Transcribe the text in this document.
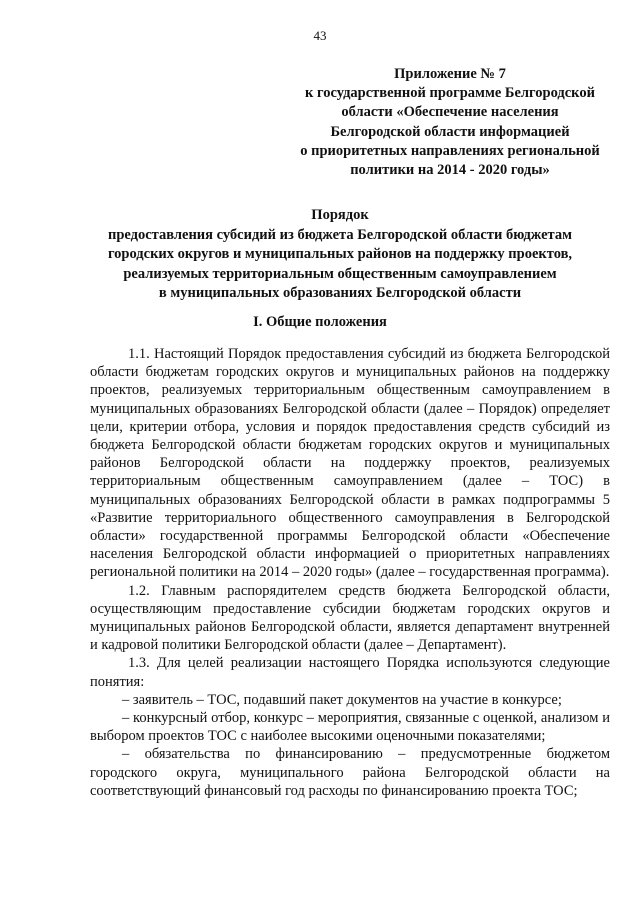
43
Приложение № 7
к государственной программе Белгородской
области «Обеспечение населения
Белгородской области информацией
о приоритетных направлениях региональной
политики на 2014 - 2020 годы»
Порядок
предоставления субсидий из бюджета Белгородской области бюджетам
городских округов и муниципальных районов на поддержку проектов,
реализуемых территориальным общественным самоуправлением
в муниципальных образованиях Белгородской области
I. Общие положения

1.1. Настоящий Порядок предоставления субсидий из бюджета Белгородской области бюджетам городских округов и муниципальных районов на поддержку проектов, реализуемых территориальным общественным самоуправлением в муниципальных образованиях Белгородской области (далее – Порядок) определяет цели, критерии отбора, условия и порядок предоставления средств субсидий из бюджета Белгородской области бюджетам городских округов и муниципальных районов Белгородской области на поддержку проектов, реализуемых территориальным общественным самоуправлением (далее – ТОС) в муниципальных образованиях Белгородской области в рамках подпрограммы 5 «Развитие территориального общественного самоуправления в Белгородской области» государственной программы Белгородской области «Обеспечение населения Белгородской области информацией о приоритетных направлениях региональной политики на 2014 – 2020 годы» (далее – государственная программа).

1.2. Главным распорядителем средств бюджета Белгородской области, осуществляющим предоставление субсидии бюджетам городских округов и муниципальных районов Белгородской области, является департамент внутренней и кадровой политики Белгородской области (далее – Департамент).

1.3. Для целей реализации настоящего Порядка используются следующие понятия:

– заявитель – ТОС, подавший пакет документов на участие в конкурсе;

– конкурсный отбор, конкурс – мероприятия, связанные с оценкой, анализом и выбором проектов ТОС с наиболее высокими оценочными показателями;

– обязательства по финансированию – предусмотренные бюджетом городского округа, муниципального района Белгородской области на соответствующий финансовый год расходы по финансированию проекта ТОС;
